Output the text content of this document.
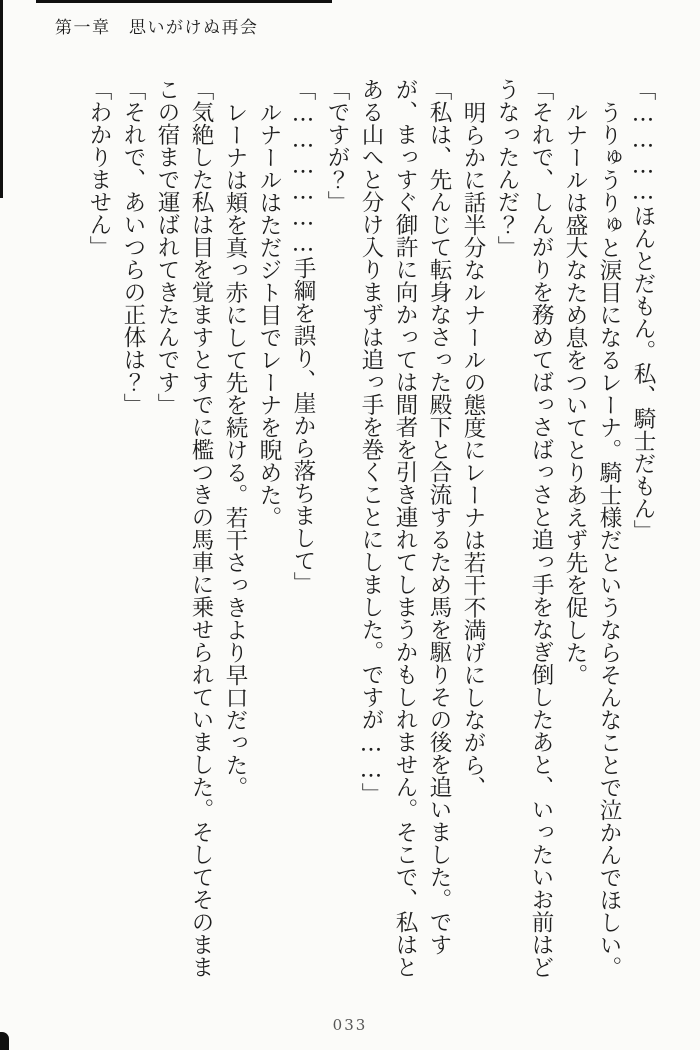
第一章　思いがけぬ再会

「…………ほんとだもん。私、騎士だもん」

うりゅうりゅと涙目になるレーナ。騎士様だというならそんなことで泣かんでほしい。

ルナールは盛大なため息をついてとりあえず先を促した。

「それで、しんがりを務めてばっさばっさと追っ手をなぎ倒したあと、いったいお前はどうなったんだ？」

明らかに話半分なルナールの態度にレーナは若干不満げにしながら、

「私は、先んじて転身なさった殿下と合流するため馬を駆りその後を追いました。ですが、まっすぐ御許に向かっては間者を引き連れてしまうかもしれません。そこで、私はとある山へと分け入りまずは追っ手を巻くことにしました。ですが……」

「ですが？」

「………………手綱を誤り、崖から落ちまして」

ルナールはただジト目でレーナを睨めた。

レーナは頬を真っ赤にして先を続ける。若干さっきより早口だった。

「気絶した私は目を覚ますとすでに檻つきの馬車に乗せられていました。そしてそのままこの宿まで運ばれてきたんです」

「それで、あいつらの正体は？」

「わかりません」

033
